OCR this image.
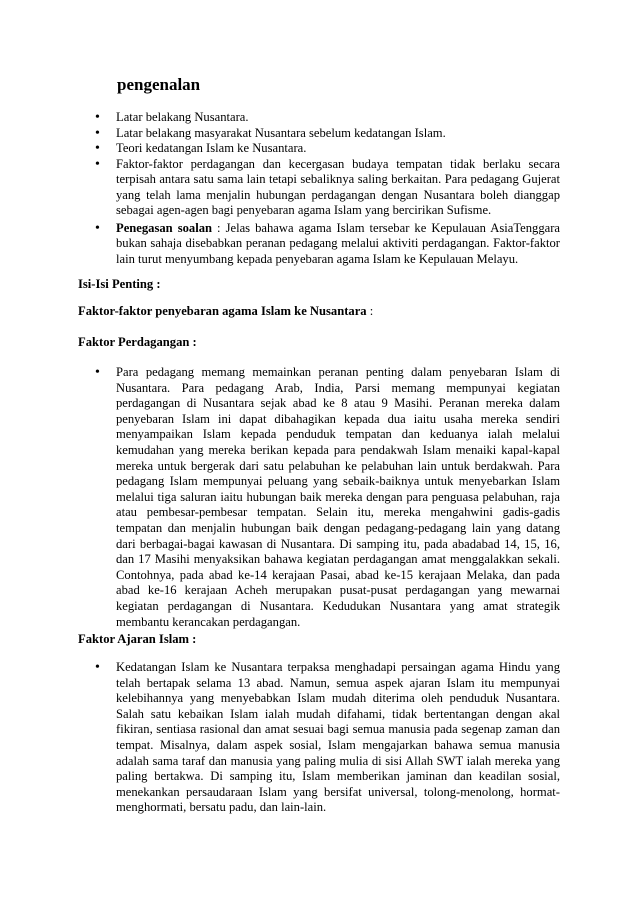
pengenalan
• Latar belakang Nusantara.
• Latar belakang masyarakat Nusantara sebelum kedatangan Islam.
• Teori kedatangan Islam ke Nusantara.
• Faktor-faktor perdagangan dan kecergasan budaya tempatan tidak berlaku secara terpisah antara satu sama lain tetapi sebaliknya saling berkaitan. Para pedagang Gujerat yang telah lama menjalin hubungan perdagangan dengan Nusantara boleh dianggap sebagai agen-agen bagi penyebaran agama Islam yang bercirikan Sufisme.
• Penegasan soalan : Jelas bahawa agama Islam tersebar ke Kepulauan AsiaTenggara bukan sahaja disebabkan peranan pedagang melalui aktiviti perdagangan. Faktor-faktor lain turut menyumbang kepada penyebaran agama Islam ke Kepulauan Melayu.

Isi-Isi Penting :

Faktor-faktor penyebaran agama Islam ke Nusantara :

Faktor Perdagangan :

• Para pedagang memang memainkan peranan penting dalam penyebaran Islam di Nusantara. Para pedagang Arab, India, Parsi memang mempunyai kegiatan perdagangan di Nusantara sejak abad ke 8 atau 9 Masihi. Peranan mereka dalam penyebaran Islam ini dapat dibahagikan kepada dua iaitu usaha mereka sendiri menyampaikan Islam kepada penduduk tempatan dan keduanya ialah melalui kemudahan yang mereka berikan kepada para pendakwah Islam menaiki kapal-kapal mereka untuk bergerak dari satu pelabuhan ke pelabuhan lain untuk berdakwah. Para pedagang Islam mempunyai peluang yang sebaik-baiknya untuk menyebarkan Islam melalui tiga saluran iaitu hubungan baik mereka dengan para penguasa pelabuhan, raja atau pembesar-pembesar tempatan. Selain itu, mereka mengahwini gadis-gadis tempatan dan menjalin hubungan baik dengan pedagang-pedagang lain yang datang dari berbagai-bagai kawasan di Nusantara. Di samping itu, pada abadabad 14, 15, 16, dan 17 Masihi menyaksikan bahawa kegiatan perdagangan amat menggalakkan sekali. Contohnya, pada abad ke-14 kerajaan Pasai, abad ke-15 kerajaan Melaka, dan pada abad ke-16 kerajaan Acheh merupakan pusat-pusat perdagangan yang mewarnai kegiatan perdagangan di Nusantara. Kedudukan Nusantara yang amat strategik membantu kerancakan perdagangan.

Faktor Ajaran Islam :

• Kedatangan Islam ke Nusantara terpaksa menghadapi persaingan agama Hindu yang telah bertapak selama 13 abad. Namun, semua aspek ajaran Islam itu mempunyai kelebihannya yang menyebabkan Islam mudah diterima oleh penduduk Nusantara. Salah satu kebaikan Islam ialah mudah difahami, tidak bertentangan dengan akal fikiran, sentiasa rasional dan amat sesuai bagi semua manusia pada segenap zaman dan tempat. Misalnya, dalam aspek sosial, Islam mengajarkan bahawa semua manusia adalah sama taraf dan manusia yang paling mulia di sisi Allah SWT ialah mereka yang paling bertakwa. Di samping itu, Islam memberikan jaminan dan keadilan sosial, menekankan persaudaraan Islam yang bersifat universal, tolong-menolong, hormat-menghormati, bersatu padu, dan lain-lain.
